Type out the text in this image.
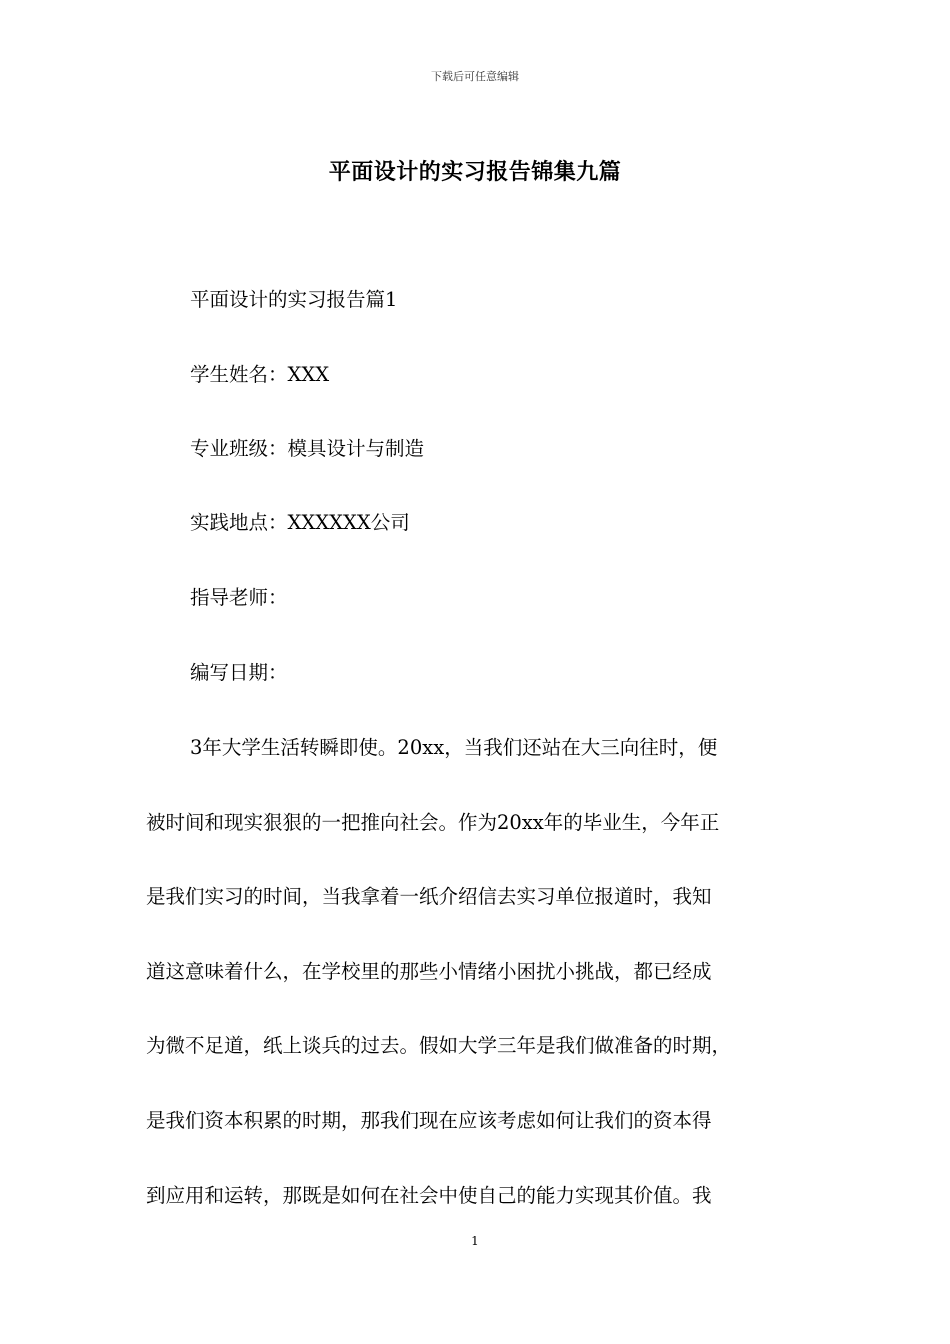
下载后可任意编辑
平面设计的实习报告锦集九篇
平面设计的实习报告篇1
学生姓名：XXX
专业班级：模具设计与制造
实践地点：XXXXXX公司
指导老师：
编写日期：
3年大学生活转瞬即使。20xx，当我们还站在大三向往时，便
被时间和现实狠狠的一把推向社会。作为20xx年的毕业生，今年正
是我们实习的时间，当我拿着一纸介绍信去实习单位报道时，我知
道这意味着什么，在学校里的那些小情绪小困扰小挑战，都已经成
为微不足道，纸上谈兵的过去。假如大学三年是我们做准备的时期，
是我们资本积累的时期，那我们现在应该考虑如何让我们的资本得
到应用和运转，那既是如何在社会中使自己的能力实现其价值。我
1
